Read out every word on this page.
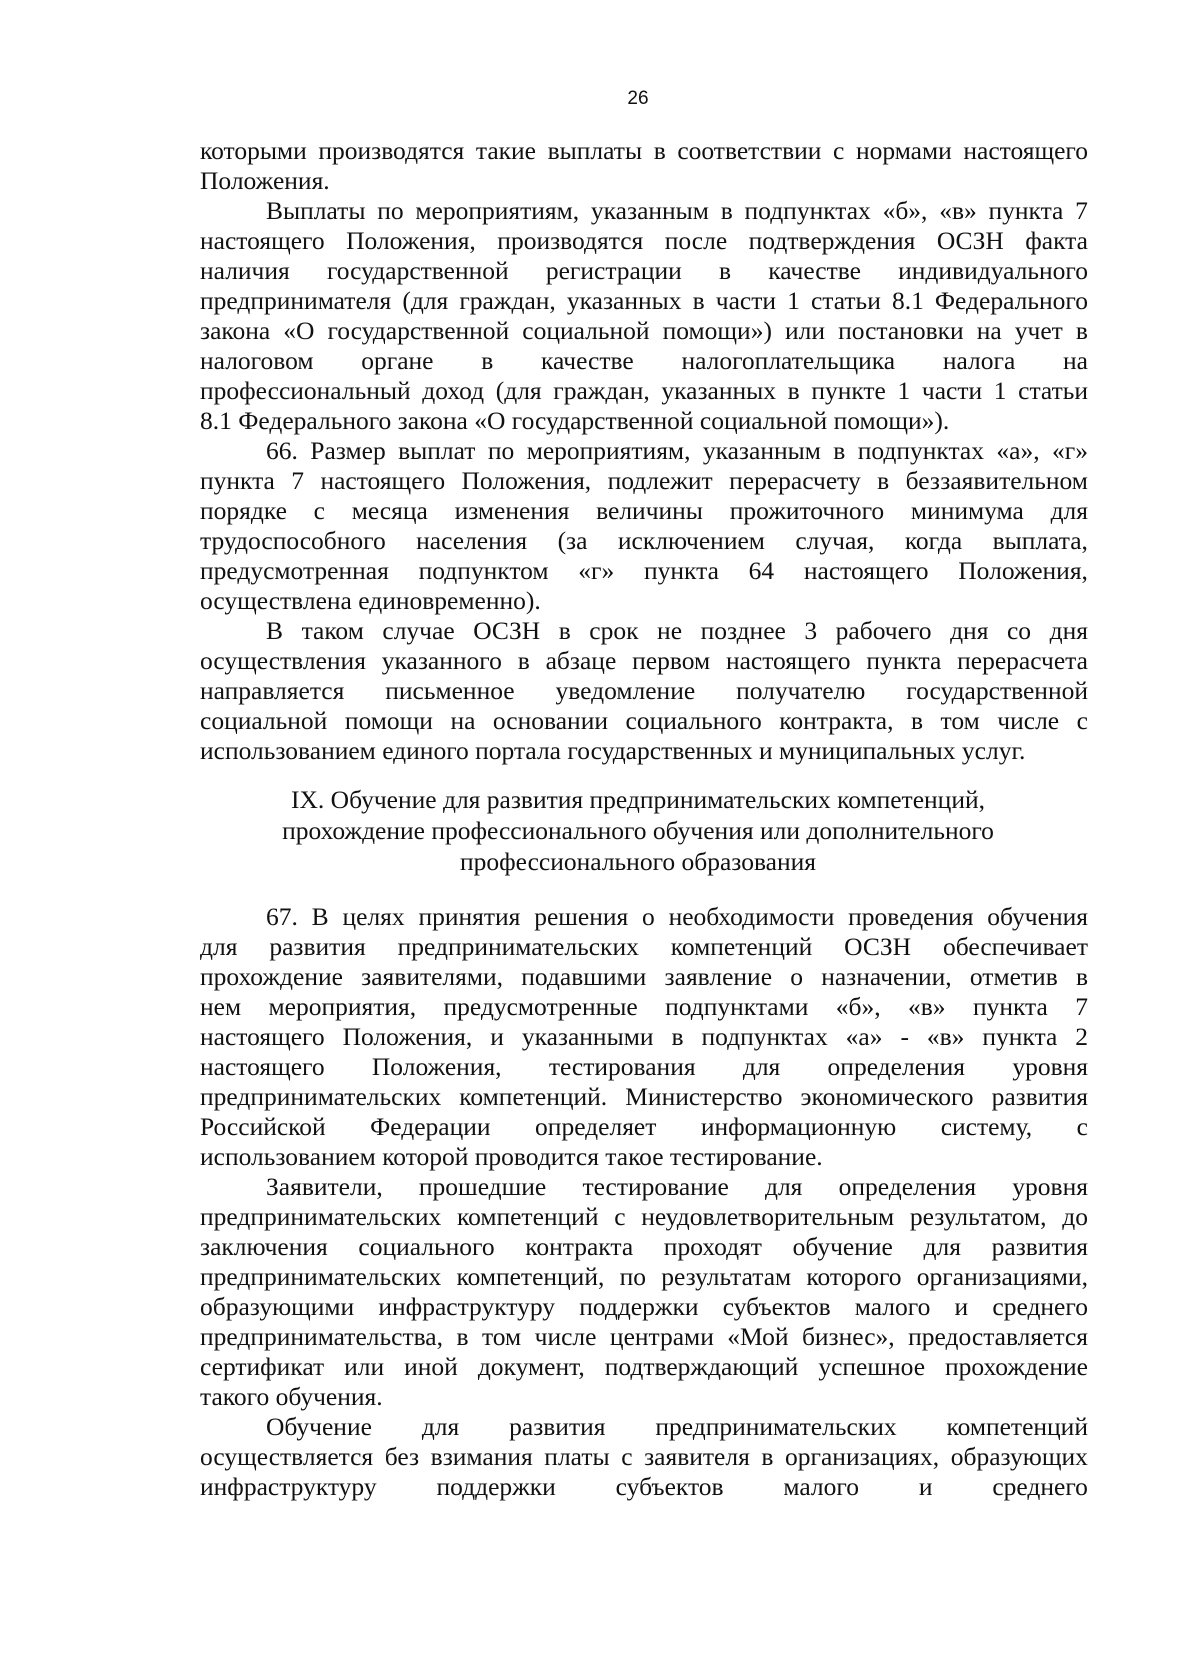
26
которыми производятся такие выплаты в соответствии с нормами настоящего
Положения.
Выплаты по мероприятиям, указанным в подпунктах «б», «в» пункта 7
настоящего Положения, производятся после подтверждения ОСЗН факта
наличия государственной регистрации в качестве индивидуального
предпринимателя (для граждан, указанных в части 1 статьи 8.1 Федерального
закона «О государственной социальной помощи») или постановки на учет в
налоговом органе в качестве налогоплательщика налога на
профессиональный доход (для граждан, указанных в пункте 1 части 1 статьи
8.1 Федерального закона «О государственной социальной помощи»).
66. Размер выплат по мероприятиям, указанным в подпунктах «а», «г»
пункта 7 настоящего Положения, подлежит перерасчету в беззаявительном
порядке с месяца изменения величины прожиточного минимума для
трудоспособного населения (за исключением случая, когда выплата,
предусмотренная подпунктом «г» пункта 64 настоящего Положения,
осуществлена единовременно).
В таком случае ОСЗН в срок не позднее 3 рабочего дня со дня
осуществления указанного в абзаце первом настоящего пункта перерасчета
направляется письменное уведомление получателю государственной
социальной помощи на основании социального контракта, в том числе с
использованием единого портала государственных и муниципальных услуг.
IX. Обучение для развития предпринимательских компетенций,
прохождение профессионального обучения или дополнительного
профессионального образования
67. В целях принятия решения о необходимости проведения обучения
для развития предпринимательских компетенций ОСЗН обеспечивает
прохождение заявителями, подавшими заявление о назначении, отметив в
нем мероприятия, предусмотренные подпунктами «б», «в» пункта 7
настоящего Положения, и указанными в подпунктах «а» - «в» пункта 2
настоящего Положения, тестирования для определения уровня
предпринимательских компетенций. Министерство экономического развития
Российской Федерации определяет информационную систему, с
использованием которой проводится такое тестирование.
Заявители, прошедшие тестирование для определения уровня
предпринимательских компетенций с неудовлетворительным результатом, до
заключения социального контракта проходят обучение для развития
предпринимательских компетенций, по результатам которого организациями,
образующими инфраструктуру поддержки субъектов малого и среднего
предпринимательства, в том числе центрами «Мой бизнес», предоставляется
сертификат или иной документ, подтверждающий успешное прохождение
такого обучения.
Обучение для развития предпринимательских компетенций
осуществляется без взимания платы с заявителя в организациях, образующих
инфраструктуру поддержки субъектов малого и среднего
